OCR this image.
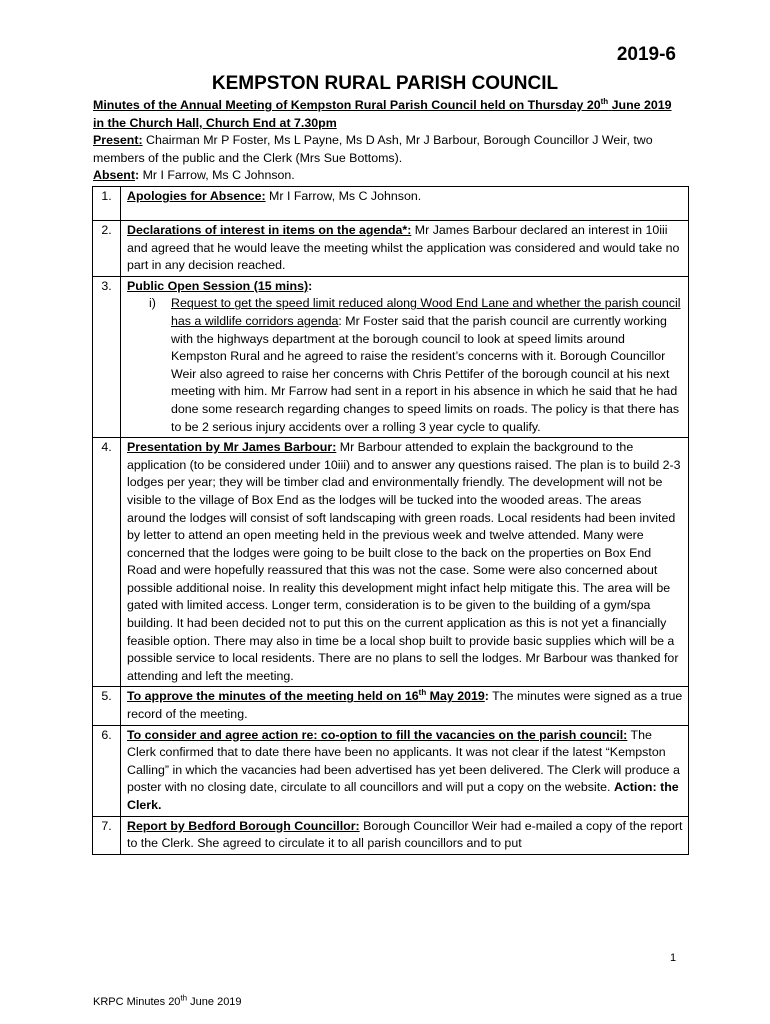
2019-6
KEMPSTON RURAL PARISH COUNCIL

Minutes of the Annual Meeting of Kempston Rural Parish Council held on Thursday 20th June 2019 in the Church Hall, Church End at 7.30pm

Present: Chairman Mr P Foster, Ms L Payne, Ms D Ash, Mr J Barbour, Borough Councillor J Weir, two members of the public and the Clerk (Mrs Sue Bottoms).

Absent: Mr I Farrow, Ms C Johnson.

1.	Apologies for Absence: Mr I Farrow, Ms C Johnson.
2.	Declarations of interest in items on the agenda*: Mr James Barbour declared an interest in 10iii and agreed that he would leave the meeting whilst the application was considered and would take no part in any decision reached.
3.	Public Open Session (15 mins):
i) Request to get the speed limit reduced along Wood End Lane and whether the parish council has a wildlife corridors agenda: Mr Foster said that the parish council are currently working with the highways department at the borough council to look at speed limits around Kempston Rural and he agreed to raise the resident’s concerns with it. Borough Councillor Weir also agreed to raise her concerns with Chris Pettifer of the borough council at his next meeting with him. Mr Farrow had sent in a report in his absence in which he said that he had done some research regarding changes to speed limits on roads. The policy is that there has to be 2 serious injury accidents over a rolling 3 year cycle to qualify.

4.	Presentation by Mr James Barbour: Mr Barbour attended to explain the background to the application (to be considered under 10iii) and to answer any questions raised. The plan is to build 2-3 lodges per year; they will be timber clad and environmentally friendly. The development will not be visible to the village of Box End as the lodges will be tucked into the wooded areas. The areas around the lodges will consist of soft landscaping with green roads. Local residents had been invited by letter to attend an open meeting held in the previous week and twelve attended. Many were concerned that the lodges were going to be built close to the back on the properties on Box End Road and were hopefully reassured that this was not the case. Some were also concerned about possible additional noise. In reality this development might infact help mitigate this. The area will be gated with limited access. Longer term, consideration is to be given to the building of a gym/spa building. It had been decided not to put this on the current application as this is not yet a financially feasible option. There may also in time be a local shop built to provide basic supplies which will be a possible service to local residents. There are no plans to sell the lodges. Mr Barbour was thanked for attending and left the meeting.
5.	To approve the minutes of the meeting held on 16th May 2019: The minutes were signed as a true record of the meeting.
6.	To consider and agree action re: co-option to fill the vacancies on the parish council: The Clerk confirmed that to date there have been no applicants. It was not clear if the latest “Kempston Calling” in which the vacancies had been advertised has yet been delivered. The Clerk will produce a poster with no closing date, circulate to all councillors and will put a copy on the website. Action: the Clerk.
7.	Report by Bedford Borough Councillor: Borough Councillor Weir had e-mailed a copy of the report to the Clerk. She agreed to circulate it to all parish councillors and to put
1
KRPC Minutes 20th June 2019
